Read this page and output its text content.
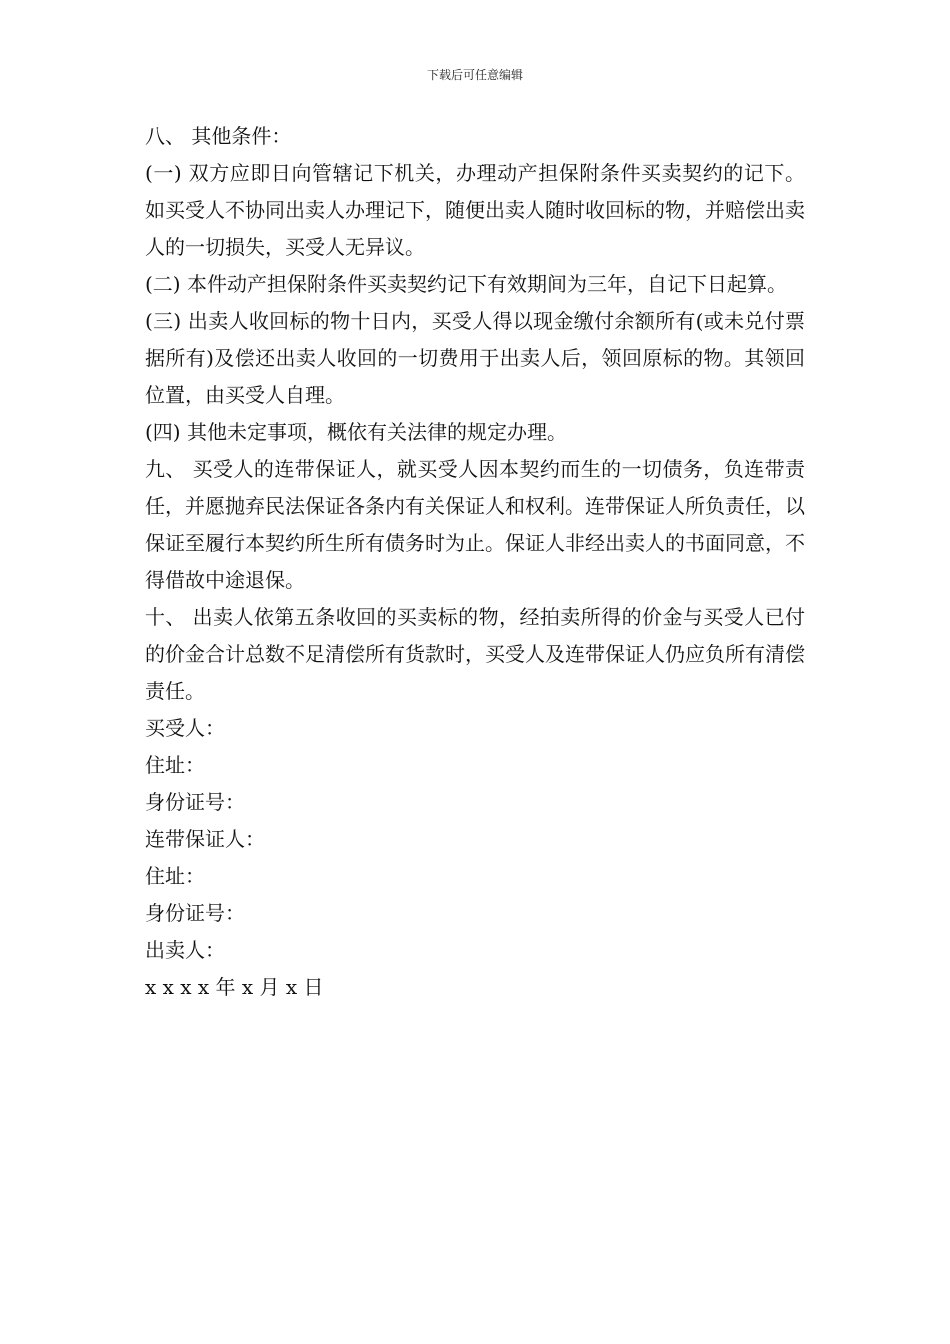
下载后可任意编辑

八、 其他条件：

(一) 双方应即日向管辖记下机关，办理动产担保附条件买卖契约的记下。如买受人不协同出卖人办理记下，随便出卖人随时收回标的物，并赔偿出卖人的一切损失，买受人无异议。

(二) 本件动产担保附条件买卖契约记下有效期间为三年，自记下日起算。

(三) 出卖人收回标的物十日内，买受人得以现金缴付余额所有(或未兑付票据所有)及偿还出卖人收回的一切费用于出卖人后，领回原标的物。其领回位置，由买受人自理。

(四) 其他未定事项，概依有关法律的规定办理。

九、 买受人的连带保证人，就买受人因本契约而生的一切债务，负连带责任，并愿抛弃民法保证各条内有关保证人和权利。连带保证人所负责任，以保证至履行本契约所生所有债务时为止。保证人非经出卖人的书面同意，不得借故中途退保。

十、 出卖人依第五条收回的买卖标的物，经拍卖所得的价金与买受人已付的价金合计总数不足清偿所有货款时，买受人及连带保证人仍应负所有清偿责任。

买受人：

住址：

身份证号：

连带保证人：

住址：

身份证号：

出卖人：

x x x x 年 x 月 x 日
